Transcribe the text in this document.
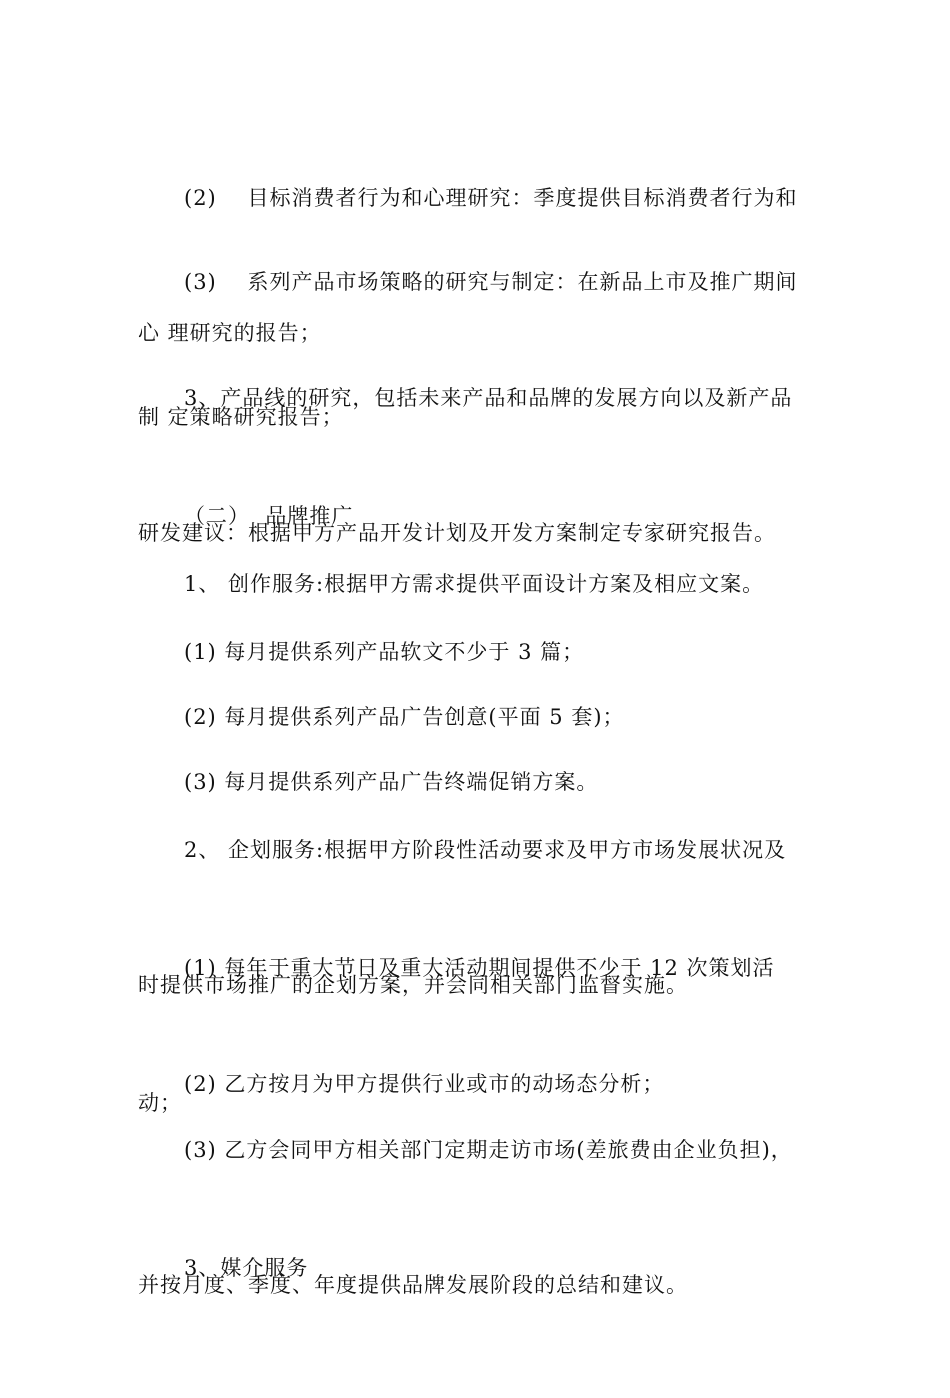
(2)    目标消费者行为和心理研究：季度提供目标消费者行为和

心 理研究的报告；

(3)    系列产品市场策略的研究与制定：在新品上市及推广期间

制 定策略研究报告；

3、产品线的研究，包括未来产品和品牌的发展方向以及新产品

研发建议：根据甲方产品开发计划及开发方案制定专家研究报告。

（二）  品牌推广

1、 创作服务:根据甲方需求提供平面设计方案及相应文案。

(1) 每月提供系列产品软文不少于 3 篇；

(2) 每月提供系列产品广告创意(平面 5 套)；

(3) 每月提供系列产品广告终端促销方案。

2、 企划服务:根据甲方阶段性活动要求及甲方市场发展状况及

时提供市场推广的企划方案，并会同相关部门监督实施。

(1) 每年于重大节日及重大活动期间提供不少于 12 次策划活

动；

(2) 乙方按月为甲方提供行业或市的动场态分析；

(3) 乙方会同甲方相关部门定期走访市场(差旅费由企业负担)，

并按月度、季度、年度提供品牌发展阶段的总结和建议。

3、媒介服务
